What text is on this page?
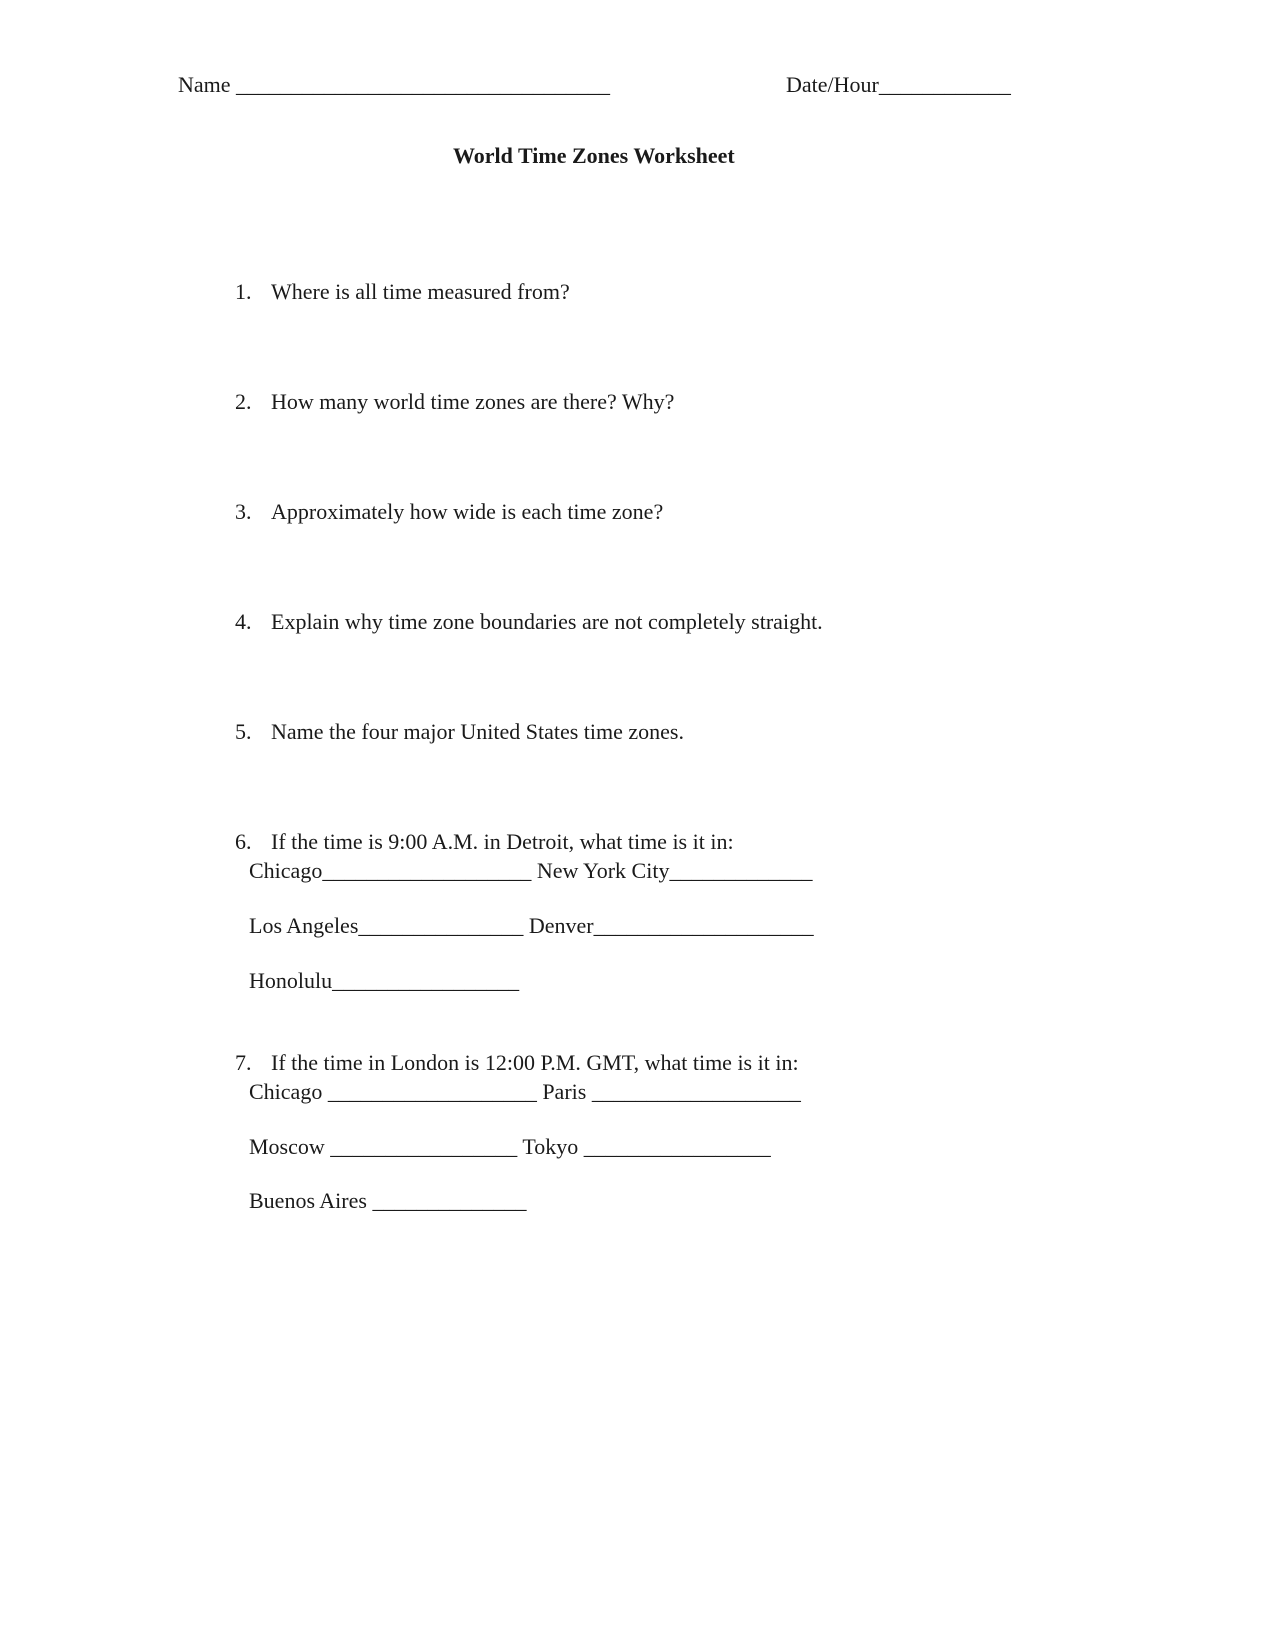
Name __________________________________	Date/Hour____________
World Time Zones Worksheet

1. Where is all time measured from?

2. How many world time zones are there? Why?

3. Approximately how wide is each time zone?

4. Explain why time zone boundaries are not completely straight.

5. Name the four major United States time zones.

6. If the time is 9:00 A.M. in Detroit, what time is it in:

Chicago___________________ New York City_____________
Los Angeles_______________ Denver____________________
Honolulu_________________

7. If the time in London is 12:00 P.M. GMT, what time is it in:

Chicago ___________________ Paris ___________________
Moscow _________________ Tokyo _________________
Buenos Aires ______________
